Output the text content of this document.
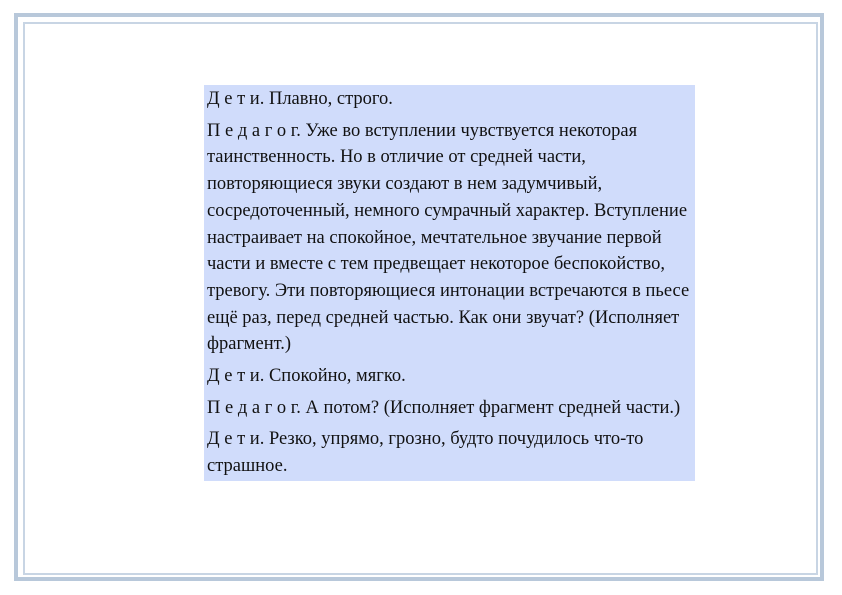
Д е т и. Плавно, строго.

П е д а г о г. Уже во вступлении чувствуется некоторая таинственность. Но в отличие от средней части, повторяющиеся звуки создают в нем задумчивый, сосредоточенный, немного сумрачный характер. Вступление настраивает на спокойное, мечтательное звучание первой части и вместе с тем предвещает некоторое беспокойство, тревогу. Эти повторяющиеся интонации встречаются в пьесе ещё раз, перед средней частью. Как они звучат? (Исполняет фрагмент.)

Д е т и. Спокойно, мягко.

П е д а г о г. А потом? (Исполняет фрагмент средней части.)

Д е т и. Резко, упрямо, грозно, будто почудилось что-то страшное.
